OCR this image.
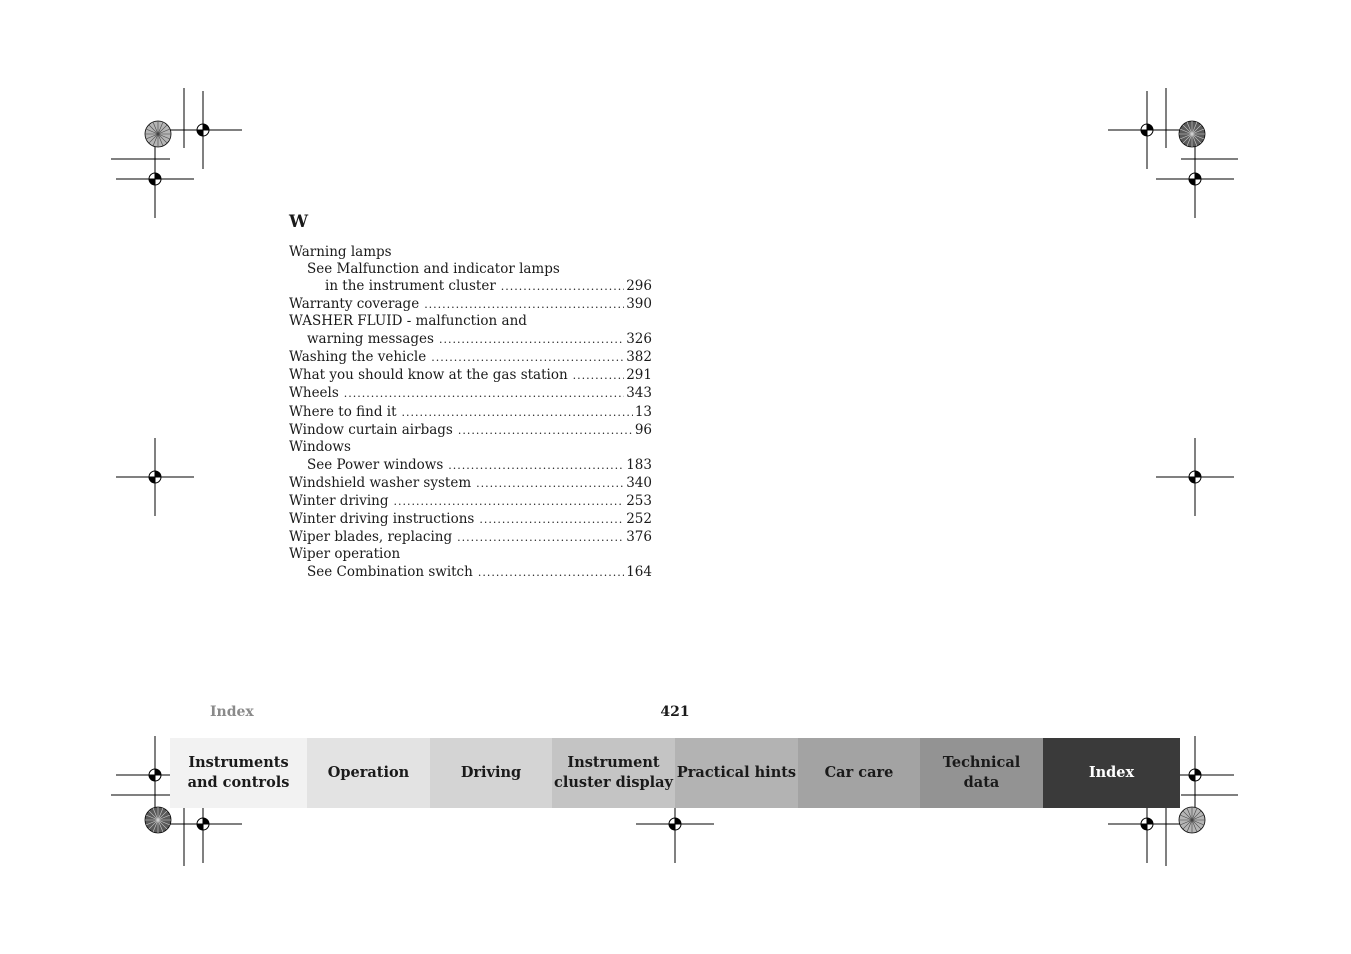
W
Warning lamps
See Malfunction and indicator lamps
in the instrument cluster .....	296
Warranty coverage .....	390
WASHER FLUID - malfunction and
warning messages .....	326
Washing the vehicle .....	382
What you should know at the gas station .....	291
Wheels .....	343
Where to find it .....	13
Window curtain airbags .....	96
Windows
See Power windows .....	183
Windshield washer system .....	340
Winter driving .....	253
Winter driving instructions .....	252
Wiper blades, replacing .....	376
Wiper operation
See Combination switch .....	164
Index	421
Instruments
and controls
Operation	Driving
Instrument
cluster display
Practical hints Car care
Technical
data
Index
